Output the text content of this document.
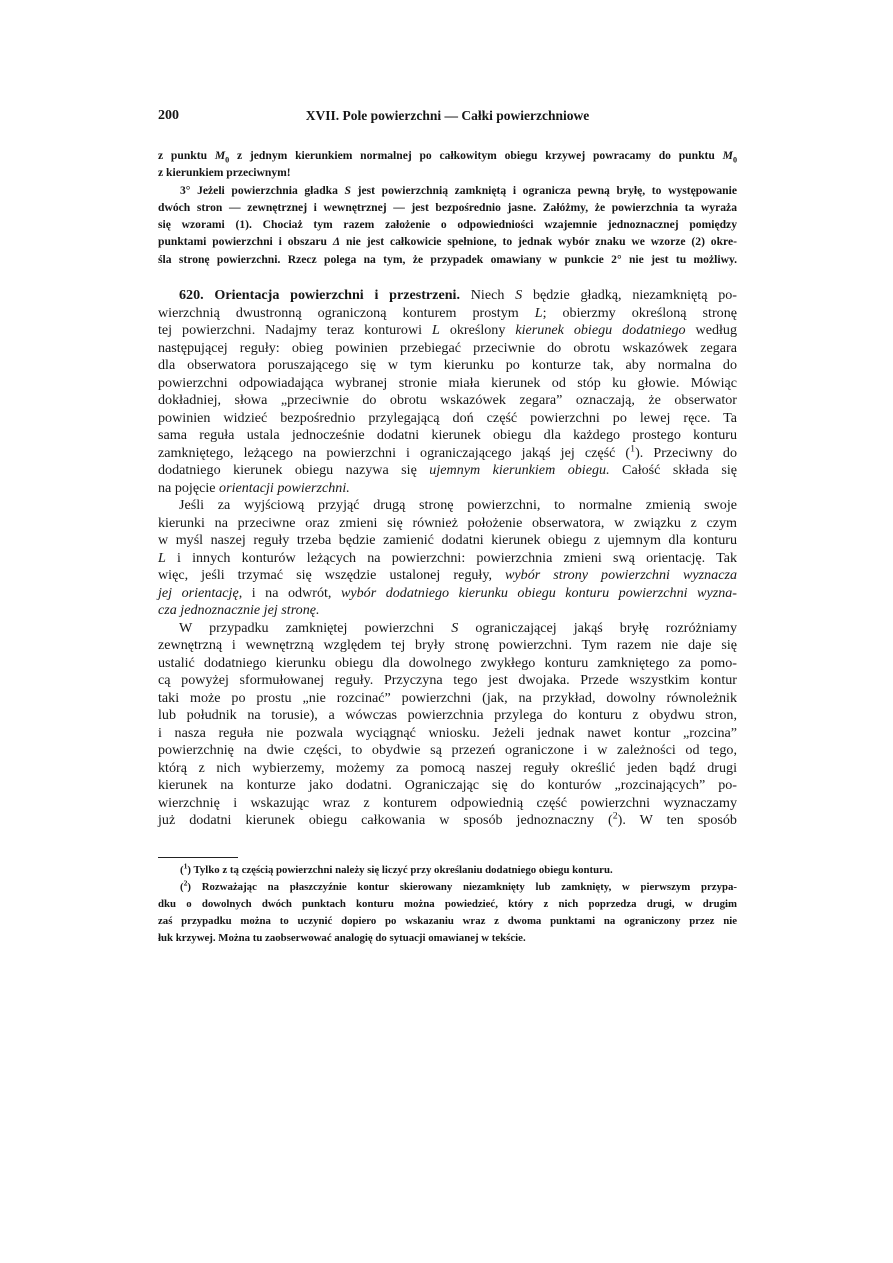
200	XVII. Pole powierzchni — Całki powierzchniowe
z punktu $M_0$ z jednym kierunkiem normalnej po całkowitym obiegu krzywej powracamy do punktu $M_0$
z kierunkiem przeciwnym!
3° Jeżeli powierzchnia gładka S jest powierzchnią zamkniętą i ogranicza pewną bryłę, to występowanie
dwóch stron — zewnętrznej i wewnętrznej — jest bezpośrednio jasne. Załóżmy, że powierzchnia ta wyraża
się wzorami (1). Chociaż tym razem założenie o odpowiedniości wzajemnie jednoznacznej pomiędzy
punktami powierzchni i obszaru Δ nie jest całkowicie spełnione, to jednak wybór znaku we wzorze (2) okre-
śla stronę powierzchni. Rzecz polega na tym, że przypadek omawiany w punkcie 2° nie jest tu możliwy.
620. Orientacja powierzchni i przestrzeni. Niech S będzie gładką, niezamkniętą po-
wierzchnią dwustronną ograniczoną konturem prostym L; obierzmy określoną stronę
tej powierzchni. Nadajmy teraz konturowi L określony kierunek obiegu dodatniego według
następującej reguły: obieg powinien przebiegać przeciwnie do obrotu wskazówek zegara
dla obserwatora poruszającego się w tym kierunku po konturze tak, aby normalna do
powierzchni odpowiadająca wybranej stronie miała kierunek od stóp ku głowie. Mówiąc
dokładniej, słowa „przeciwnie do obrotu wskazówek zegara” oznaczają, że obserwator
powinien widzieć bezpośrednio przylegającą doń część powierzchni po lewej ręce. Ta
sama reguła ustala jednocześnie dodatni kierunek obiegu dla każdego prostego konturu
zamkniętego, leżącego na powierzchni i ograniczającego jakąś jej część ($^1$). Przeciwny do
dodatniego kierunek obiegu nazywa się ujemnym kierunkiem obiegu. Całość składa się
na pojęcie orientacji powierzchni.
Jeśli za wyjściową przyjąć drugą stronę powierzchni, to normalne zmienią swoje
kierunki na przeciwne oraz zmieni się również położenie obserwatora, w związku z czym
w myśl naszej reguły trzeba będzie zamienić dodatni kierunek obiegu z ujemnym dla konturu
L i innych konturów leżących na powierzchni: powierzchnia zmieni swą orientację. Tak
więc, jeśli trzymać się wszędzie ustalonej reguły, wybór strony powierzchni wyznacza
jej orientację, i na odwrót, wybór dodatniego kierunku obiegu konturu powierzchni wyzna-
cza jednoznacznie jej stronę.
W przypadku zamkniętej powierzchni S ograniczającej jakąś bryłę rozróżniamy
zewnętrzną i wewnętrzną względem tej bryły stronę powierzchni. Tym razem nie daje się
ustalić dodatniego kierunku obiegu dla dowolnego zwykłego konturu zamkniętego za pomo-
cą powyżej sformułowanej reguły. Przyczyna tego jest dwojaka. Przede wszystkim kontur
taki może po prostu „nie rozcinać” powierzchni (jak, na przykład, dowolny równoleżnik
lub południk na torusie), a wówczas powierzchnia przylega do konturu z obydwu stron,
i nasza reguła nie pozwala wyciągnąć wniosku. Jeżeli jednak nawet kontur „rozcina”
powierzchnię na dwie części, to obydwie są przezeń ograniczone i w zależności od tego,
którą z nich wybierzemy, możemy za pomocą naszej reguły określić jeden bądź drugi
kierunek na konturze jako dodatni. Ograniczając się do konturów „rozcinających” po-
wierzchnię i wskazując wraz z konturem odpowiednią część powierzchni wyznaczamy
już dodatni kierunek obiegu całkowania w sposób jednoznaczny ($^2$). W ten sposób
($^1$) Tylko z tą częścią powierzchni należy się liczyć przy określaniu dodatniego obiegu konturu.
($^2$) Rozważając na płaszczyźnie kontur skierowany niezamknięty lub zamknięty, w pierwszym przypa-
dku o dowolnych dwóch punktach konturu można powiedzieć, który z nich poprzedza drugi, w drugim
zaś przypadku można to uczynić dopiero po wskazaniu wraz z dwoma punktami na ograniczony przez nie
łuk krzywej. Można tu zaobserwować analogię do sytuacji omawianej w tekście.
